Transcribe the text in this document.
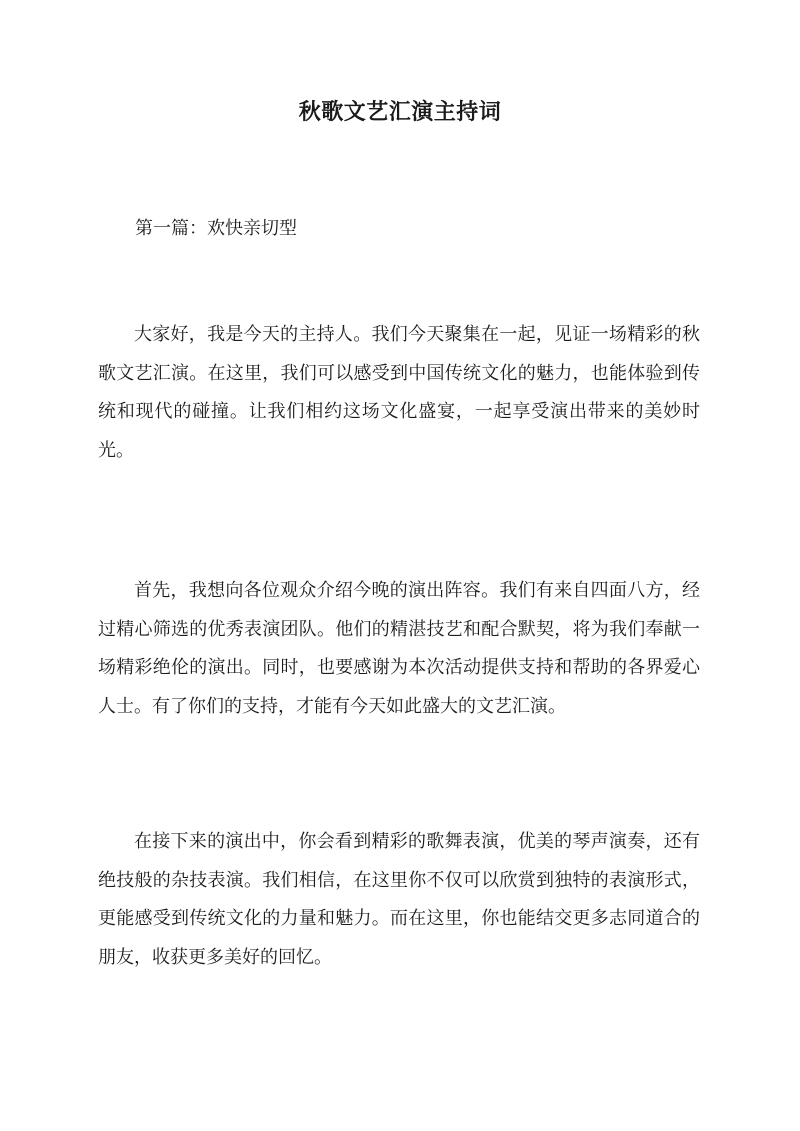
秋歌文艺汇演主持词
第一篇：欢快亲切型

大家好，我是今天的主持人。我们今天聚集在一起，见证一场精彩的秋歌文艺汇演。在这里，我们可以感受到中国传统文化的魅力，也能体验到传统和现代的碰撞。让我们相约这场文化盛宴，一起享受演出带来的美妙时光。

首先，我想向各位观众介绍今晚的演出阵容。我们有来自四面八方，经过精心筛选的优秀表演团队。他们的精湛技艺和配合默契，将为我们奉献一场精彩绝伦的演出。同时，也要感谢为本次活动提供支持和帮助的各界爱心人士。有了你们的支持，才能有今天如此盛大的文艺汇演。

在接下来的演出中，你会看到精彩的歌舞表演，优美的琴声演奏，还有绝技般的杂技表演。我们相信，在这里你不仅可以欣赏到独特的表演形式，更能感受到传统文化的力量和魅力。而在这里，你也能结交更多志同道合的朋友，收获更多美好的回忆。
